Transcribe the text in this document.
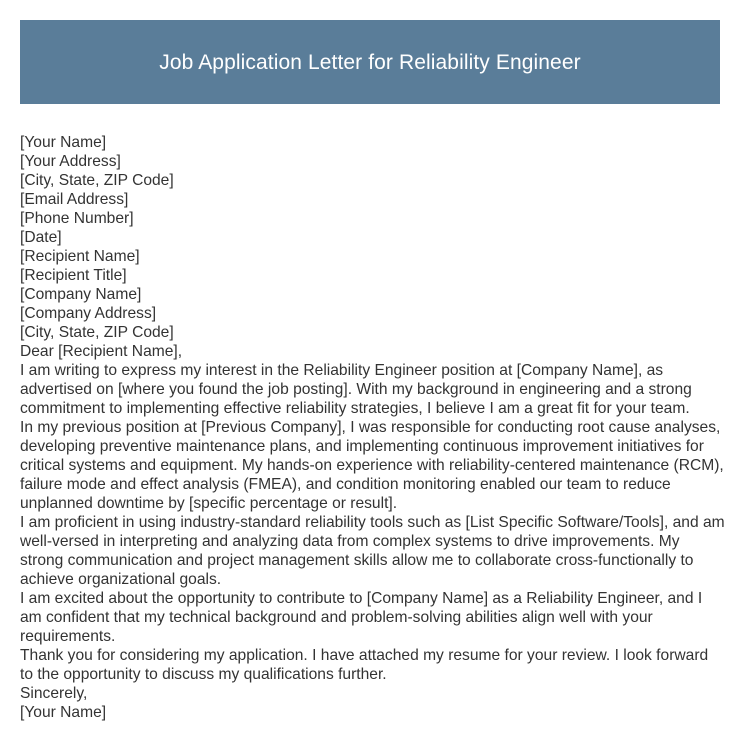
Job Application Letter for Reliability Engineer

[Your Name]

[Your Address]

[City, State, ZIP Code]

[Email Address]

[Phone Number]

[Date]

[Recipient Name]

[Recipient Title]

[Company Name]

[Company Address]

[City, State, ZIP Code]

Dear [Recipient Name],

I am writing to express my interest in the Reliability Engineer position at [Company Name], as advertised on [where you found the job posting]. With my background in engineering and a strong commitment to implementing effective reliability strategies, I believe I am a great fit for your team.

In my previous position at [Previous Company], I was responsible for conducting root cause analyses, developing preventive maintenance plans, and implementing continuous improvement initiatives for critical systems and equipment. My hands-on experience with reliability-centered maintenance (RCM), failure mode and effect analysis (FMEA), and condition monitoring enabled our team to reduce unplanned downtime by [specific percentage or result].

I am proficient in using industry-standard reliability tools such as [List Specific Software/Tools], and am well-versed in interpreting and analyzing data from complex systems to drive improvements. My strong communication and project management skills allow me to collaborate cross-functionally to achieve organizational goals.

I am excited about the opportunity to contribute to [Company Name] as a Reliability Engineer, and I am confident that my technical background and problem-solving abilities align well with your requirements.

Thank you for considering my application. I have attached my resume for your review. I look forward to the opportunity to discuss my qualifications further.

Sincerely,

[Your Name]
